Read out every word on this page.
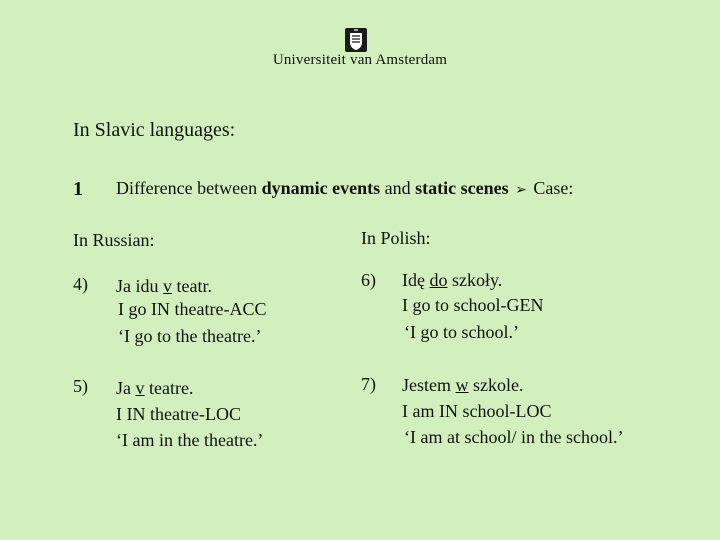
Universiteit van Amsterdam
In Slavic languages:
1 Difference between dynamic events and static scenes ➢ Case:
In Russian:	In Polish:
4) Ja idu v teatr.
I go IN theatre-ACC
‘I go to the theatre.’
5) Ja v teatre.
I IN theatre-LOC
‘I am in the theatre.’
6) Idę do szkoły.
I go to school-GEN
‘I go to school.’
7) Jestem w szkole.
I am IN school-LOC
‘I am at school/ in the school.’
